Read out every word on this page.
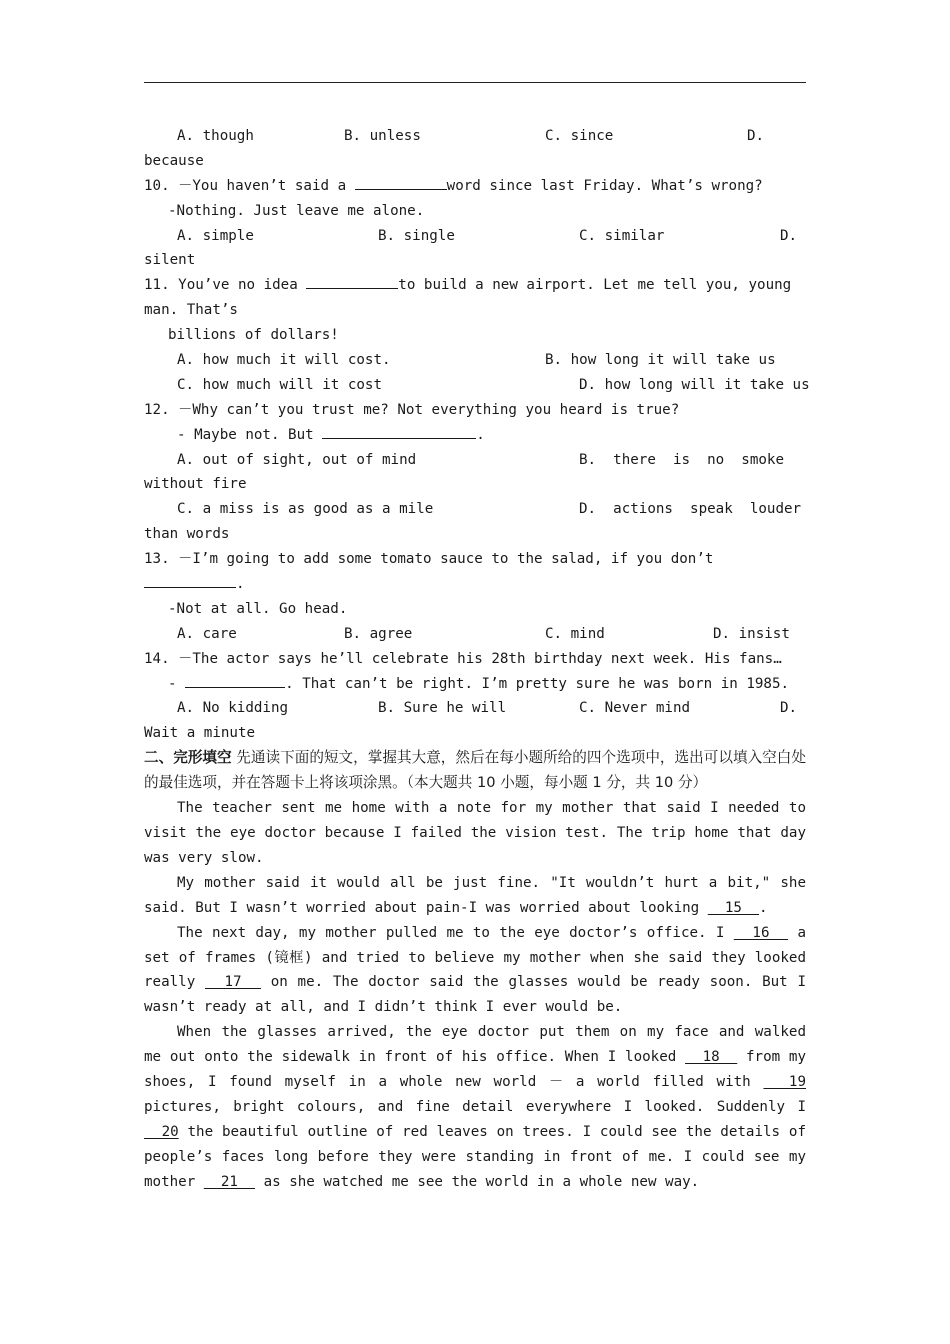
A. though

	B. unless

	C. since

	D.

because
10. －You haven’t said a	word since last Friday. What’s wrong?
-Nothing. Just leave me alone.

A. simple

	B. single

	C. similar

	D.

silent
11. You’ve no idea	to build a new airport. Let me tell you, young
man. That’s
billions of dollars!

A. how much it will cost.

	B. how long it will take us

C. how much will it cost

	D. how long will it take us

12. －Why can’t you trust me? Not everything you heard is true?
- Maybe not. But	.

A. out of sight, out of mind

	B.  there  is  no  smoke

without fire

C. a miss is as good as a mile

	D.  actions  speak  louder

than words
13. －I’m going to add some tomato sauce to the salad, if you don’t
.
-Not at all. Go head.

A. care

	B. agree

	C. mind

	D. insist

14. －The actor says he’ll celebrate his 28th birthday next week. His fans…
-	. That can’t be right. I’m pretty sure he was born in 1985.

A. No kidding

	B. Sure he will

	C. Never mind

	D.

Wait a minute
二、完形填空 先通读下面的短文，掌握其大意，然后在每小题所给的四个选项中，选出可以填入空白处的最佳选项，并在答题卡上将该项涂黑。（本大题共 10 小题，每小题 1 分，共 10 分）
The teacher sent me home with a note for my mother that said I needed to visit the eye doctor because I failed the vision test. The trip home that day was very slow.
My mother said it would all be just fine. "It wouldn’t hurt a bit," she said. But I wasn’t worried about pain-I was worried about looking   15  .
The next day, my mother pulled me to the eye doctor’s office. I   16   a set of frames (镜框) and tried to believe my mother when she said they looked really   17   on me. The doctor said the glasses would be ready soon. But I wasn’t ready at all, and I didn’t think I ever would be.
When the glasses arrived, the eye doctor put them on my face and walked me out onto the sidewalk in front of his office. When I looked   18   from my shoes, I found myself in a whole new world － a world filled with   19 pictures, bright colours, and fine detail everywhere I looked. Suddenly I   20 the beautiful outline of red leaves on trees. I could see the details of people’s faces long before they were standing in front of me. I could see my mother   21   as she watched me see the world in a whole new way.
